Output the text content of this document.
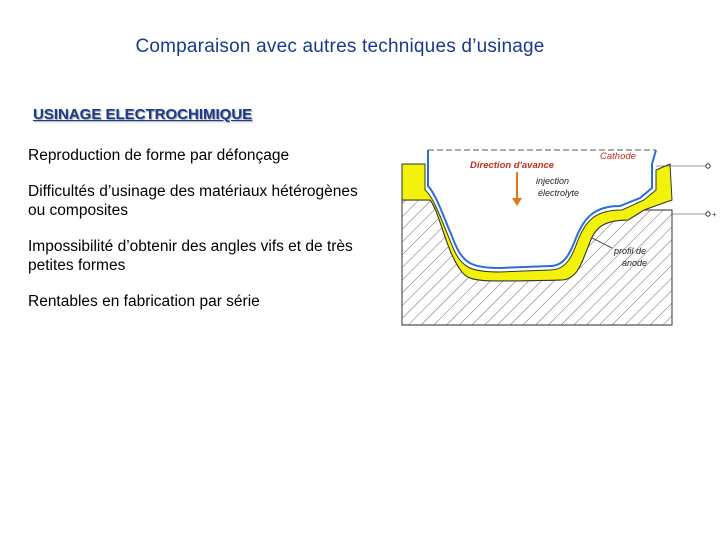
Comparaison avec autres techniques d’usinage
USINAGE ELECTROCHIMIQUE
Reproduction de forme par défonçage
Difficultés d’usinage des matériaux hétérogènes ou composites
Impossibilité d’obtenir des angles vifs et de très petites formes
Rentables en fabrication par série
Direction d'avance
Cathode
injection
électrolyte
profil de
anode
+
